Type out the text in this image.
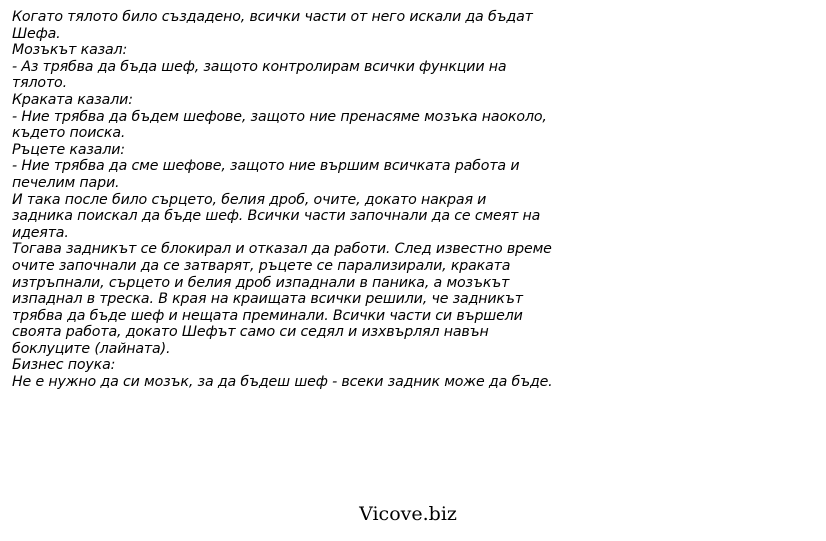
Когато тялото било създадено, всички части от него искали да бъдат
Шефа.
Мозъкът казал:
- Аз трябва да бъда шеф, защото контролирам всички функции на
тялото.
Краката казали:
- Ние трябва да бъдем шефове, защото ние пренасяме мозъка наоколо,
където поиска.
Ръцете казали:
- Ние трябва да сме шефове, защото ние вършим всичката работа и
печелим пари.
И така после било сърцето, белия дроб, очите, докато накрая и
задника поискал да бъде шеф. Всички части започнали да се смеят на
идеята.
Тогава задникът се блокирал и отказал да работи. След известно време
очите започнали да се затварят, ръцете се парализирали, краката
изтръпнали, сърцето и белия дроб изпаднали в паника, а мозъкът
изпаднал в треска. В края на краищата всички решили, че задникът
трябва да бъде шеф и нещата преминали. Всички части си вършели
своята работа, докато Шефът само си седял и изхвърлял навън
боклуците (лайната).
Бизнес поука:
Не е нужно да си мозък, за да бъдеш шеф - всеки задник може да бъде.
Vicove.biz
